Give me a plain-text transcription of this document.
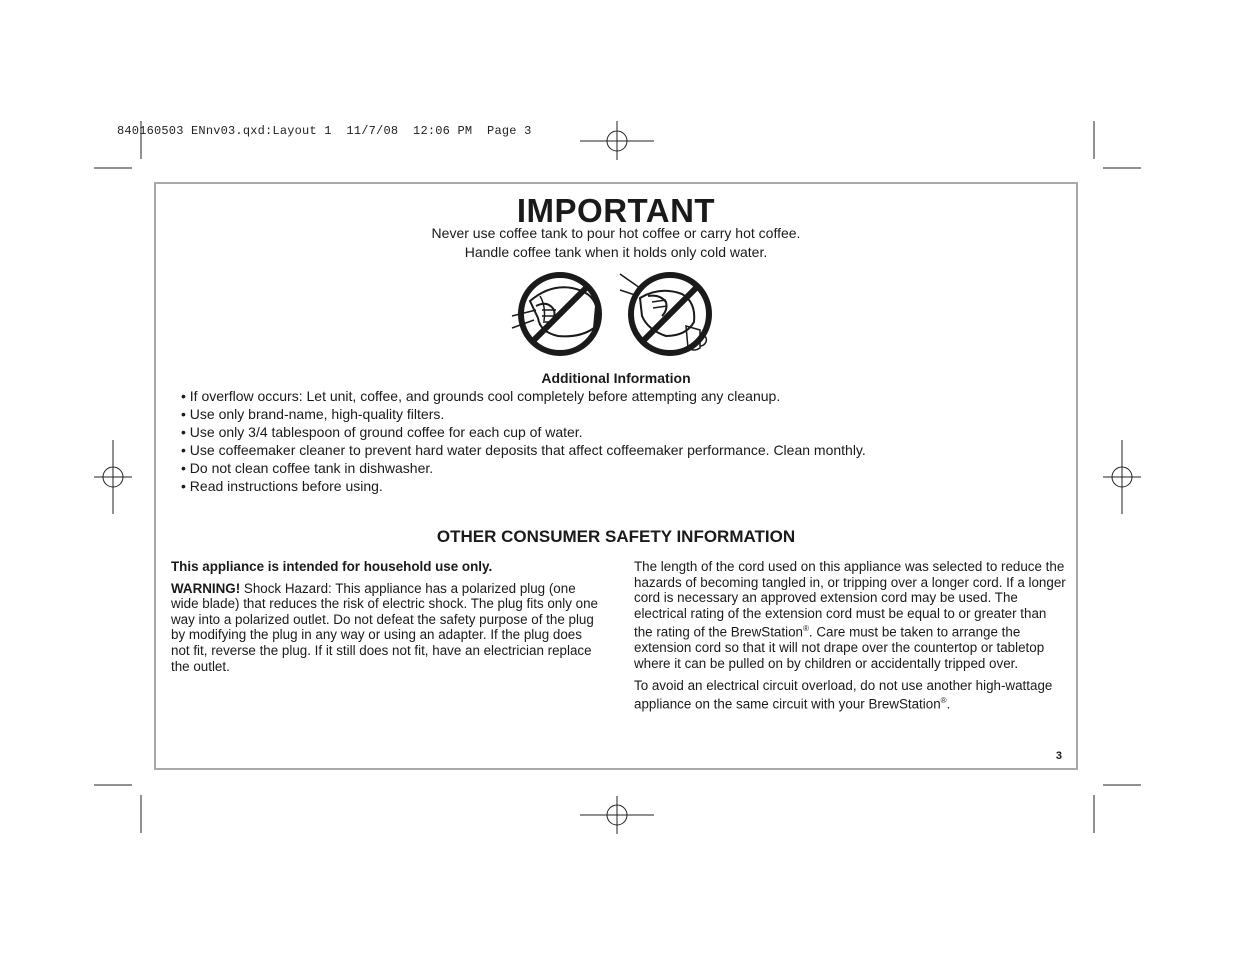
840160503 ENnv03.qxd:Layout 1  11/7/08  12:06 PM  Page 3
IMPORTANT

Never use coffee tank to pour hot coffee or carry hot coffee.

Handle coffee tank when it holds only cold water.

Additional Information
• If overflow occurs: Let unit, coffee, and grounds cool completely before attempting any cleanup.
• Use only brand-name, high-quality filters.
• Use only 3/4 tablespoon of ground coffee for each cup of water.
• Use coffeemaker cleaner to prevent hard water deposits that affect coffeemaker performance. Clean monthly.
• Do not clean coffee tank in dishwasher.
• Read instructions before using.
OTHER CONSUMER SAFETY INFORMATION

This appliance is intended for household use only.

WARNING! Shock Hazard: This appliance has a polarized plug (one wide blade) that reduces the risk of electric shock. The plug fits only one way into a polarized outlet. Do not defeat the safety purpose of the plug by modifying the plug in any way or using an adapter. If the plug does not fit, reverse the plug. If it still does not fit, have an electrician replace the outlet.

The length of the cord used on this appliance was selected to reduce the hazards of becoming tangled in, or tripping over a longer cord. If a longer cord is necessary an approved extension cord may be used. The electrical rating of the extension cord must be equal to or greater than the rating of the BrewStation®. Care must be taken to arrange the extension cord so that it will not drape over the countertop or tabletop where it can be pulled on by children or accidentally tripped over.

To avoid an electrical circuit overload, do not use another high-wattage appliance on the same circuit with your BrewStation®.

3
